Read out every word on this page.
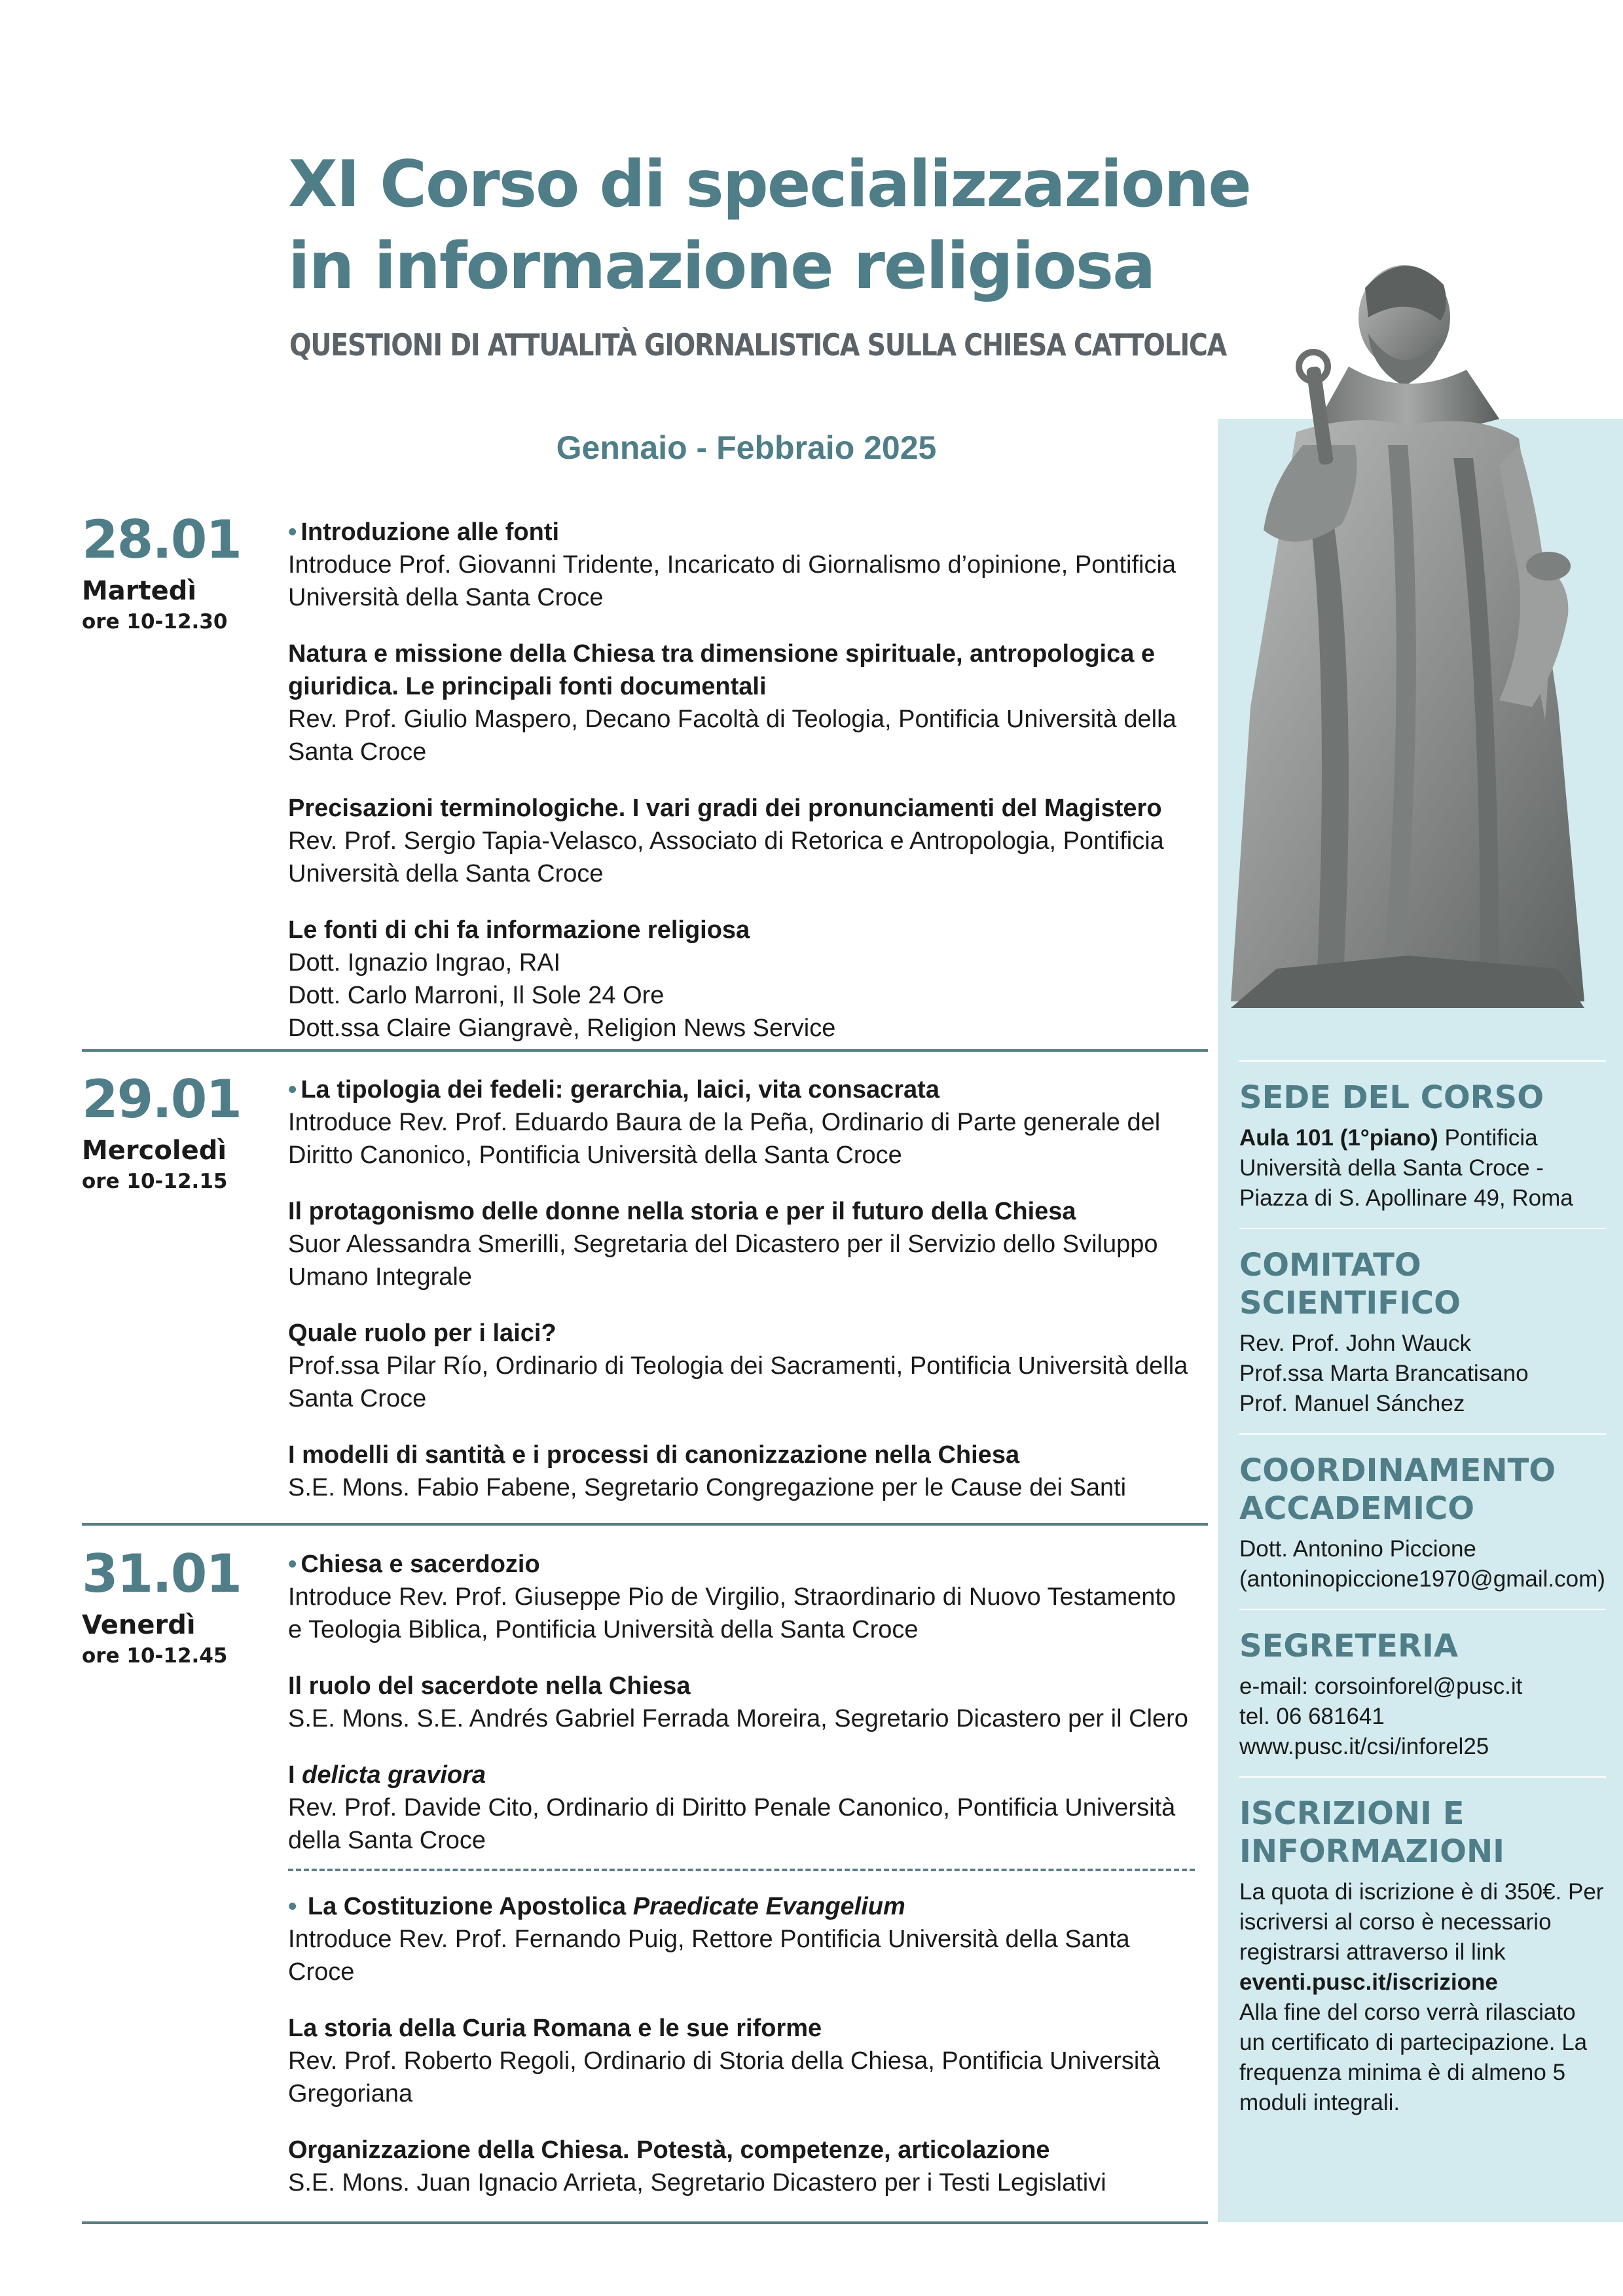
XI Corso di specializzazione
in informazione religiosa
QUESTIONI DI ATTUALITÀ GIORNALISTICA SULLA CHIESA CATTOLICA
Gennaio - Febbraio 2025
28.01
Martedì
ore 10-12.30
• Introduzione alle fonti
Introduce Prof. Giovanni Tridente, Incaricato di Giornalismo d’opinione, Pontificia Università della Santa Croce
Natura e missione della Chiesa tra dimensione spirituale, antropologica e giuridica. Le principali fonti documentali
Rev. Prof. Giulio Maspero, Decano Facoltà di Teologia, Pontificia Università della Santa Croce
Precisazioni terminologiche. I vari gradi dei pronunciamenti del Magistero
Rev. Prof. Sergio Tapia-Velasco, Associato di Retorica e Antropologia, Pontificia Università della Santa Croce
Le fonti di chi fa informazione religiosa
Dott. Ignazio Ingrao, RAI
Dott. Carlo Marroni, Il Sole 24 Ore
Dott.ssa Claire Giangravè, Religion News Service
29.01
Mercoledì
ore 10-12.15
• La tipologia dei fedeli: gerarchia, laici, vita consacrata
Introduce Rev. Prof. Eduardo Baura de la Peña, Ordinario di Parte generale del Diritto Canonico, Pontificia Università della Santa Croce
Il protagonismo delle donne nella storia e per il futuro della Chiesa
Suor Alessandra Smerilli, Segretaria del Dicastero per il Servizio dello Sviluppo Umano Integrale
Quale ruolo per i laici?
Prof.ssa Pilar Río, Ordinario di Teologia dei Sacramenti, Pontificia Università della Santa Croce
I modelli di santità e i processi di canonizzazione nella Chiesa
S.E. Mons. Fabio Fabene, Segretario Congregazione per le Cause dei Santi
31.01
Venerdì
ore 10-12.45
• Chiesa e sacerdozio
Introduce Rev. Prof. Giuseppe Pio de Virgilio, Straordinario di Nuovo Testamento e Teologia Biblica, Pontificia Università della Santa Croce
Il ruolo del sacerdote nella Chiesa
S.E. Mons. S.E. Andrés Gabriel Ferrada Moreira, Segretario Dicastero per il Clero
I delicta graviora
Rev. Prof. Davide Cito, Ordinario di Diritto Penale Canonico, Pontificia Università della Santa Croce
• La Costituzione Apostolica Praedicate Evangelium
Introduce Rev. Prof. Fernando Puig, Rettore Pontificia Università della Santa Croce
La storia della Curia Romana e le sue riforme
Rev. Prof. Roberto Regoli, Ordinario di Storia della Chiesa, Pontificia Università Gregoriana
Organizzazione della Chiesa. Potestà, competenze, articolazione
S.E. Mons. Juan Ignacio Arrieta, Segretario Dicastero per i Testi Legislativi
SEDE DEL CORSO

Aula 101 (1°piano) Pontificia Università della Santa Croce - Piazza di S. Apollinare 49, Roma

COMITATO SCIENTIFICO

Rev. Prof. John Wauck

Prof.ssa Marta Brancatisano

Prof. Manuel Sánchez

COORDINAMENTO ACCADEMICO

Dott. Antonino Piccione

(antoninopiccione1970@gmail.com)

SEGRETERIA

e-mail: corsoinforel@pusc.it

tel. 06 681641

www.pusc.it/csi/inforel25

ISCRIZIONI E INFORMAZIONI

La quota di iscrizione è di 350€. Per iscriversi al corso è necessario registrarsi attraverso il link

eventi.pusc.it/iscrizione

Alla fine del corso verrà rilasciato un certificato di partecipazione. La frequenza minima è di almeno 5 moduli integrali.
